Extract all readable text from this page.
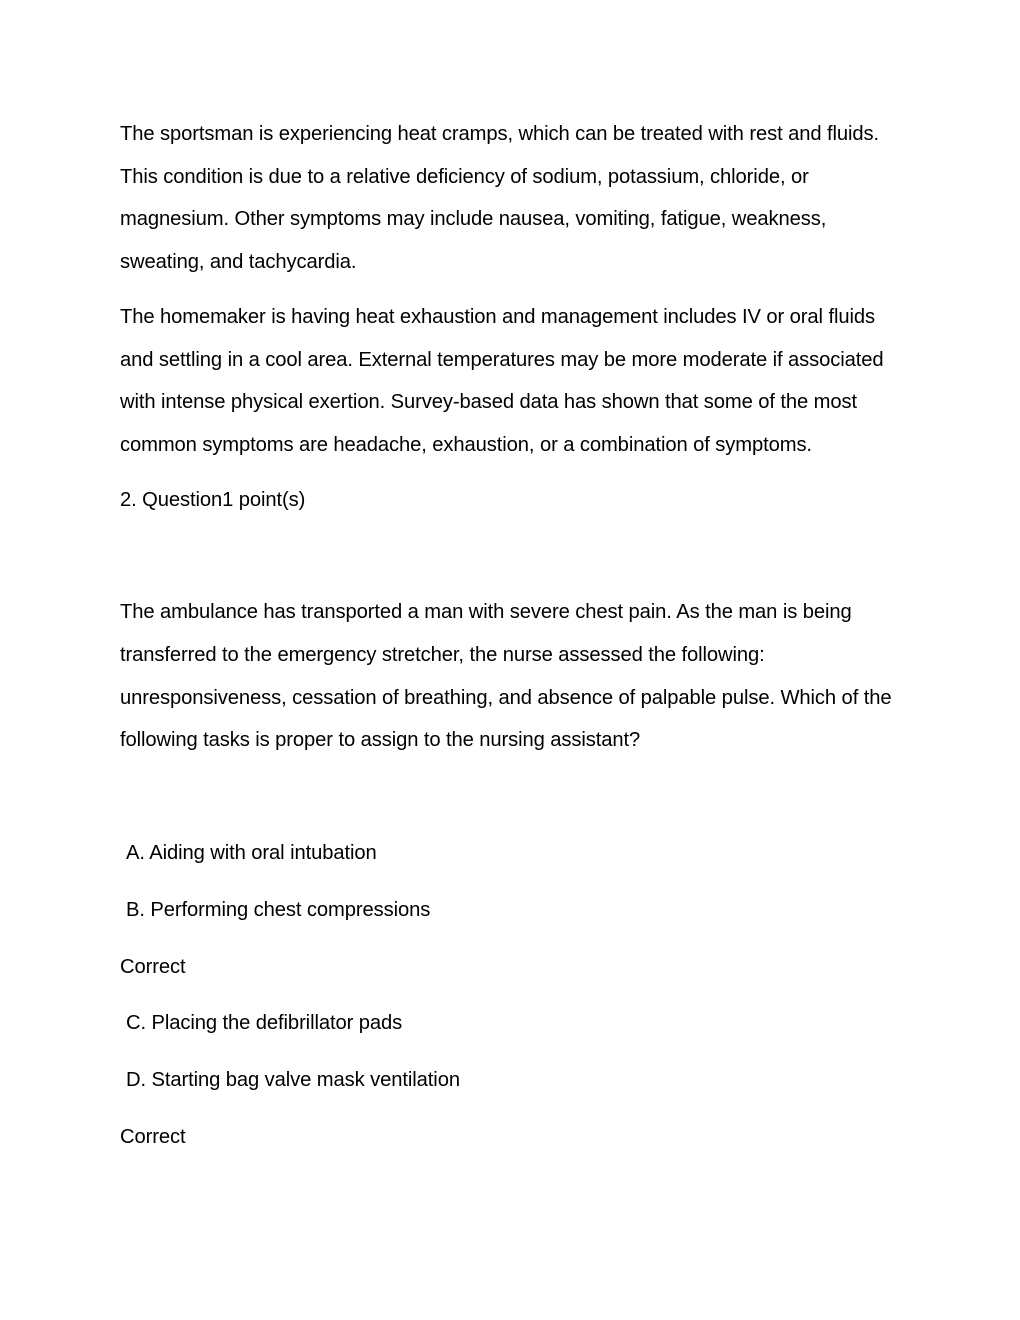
The sportsman is experiencing heat cramps, which can be treated with rest and fluids. This condition is due to a relative deficiency of sodium, potassium, chloride, or magnesium. Other symptoms may include nausea, vomiting, fatigue, weakness, sweating, and tachycardia.

The homemaker is having heat exhaustion and management includes IV or oral fluids and settling in a cool area. External temperatures may be more moderate if associated with intense physical exertion. Survey-based data has shown that some of the most common symptoms are headache, exhaustion, or a combination of symptoms.

2. Question1 point(s)

The ambulance has transported a man with severe chest pain. As the man is being transferred to the emergency stretcher, the nurse assessed the following: unresponsiveness, cessation of breathing, and absence of palpable pulse. Which of the following tasks is proper to assign to the nursing assistant?

A. Aiding with oral intubation

B. Performing chest compressions

Correct

C. Placing the defibrillator pads

D. Starting bag valve mask ventilation

Correct
